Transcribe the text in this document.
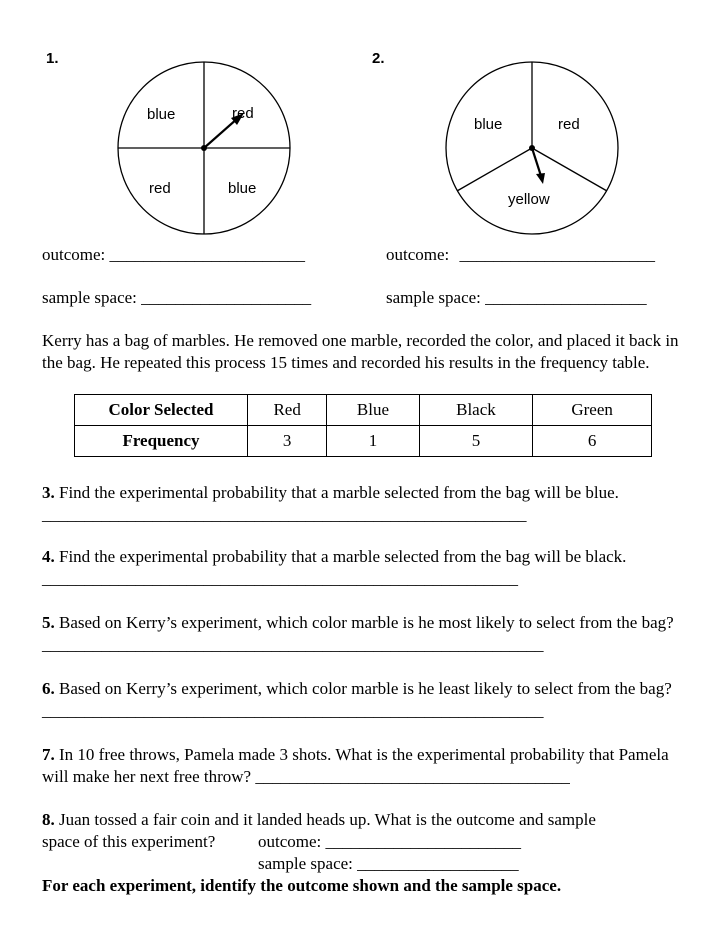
1.	2.
blue	red
red	blue
blue	red
yellow
outcome: _______________________	outcome: _______________________
sample space: ____________________	sample space: ___________________
Kerry has a bag of marbles. He removed one marble, recorded the color, and placed it back in the bag. He repeated this process 15 times and recorded his results in the frequency table.
Color Selected	Red	Blue	Black	Green
Frequency	3	1	5	6
3. Find the experimental probability that a marble selected from the bag will be blue. _________________________________________________________
4. Find the experimental probability that a marble selected from the bag will be black. ________________________________________________________
5. Based on Kerry’s experiment, which color marble is he most likely to select from the bag? ___________________________________________________________
6. Based on Kerry’s experiment, which color marble is he least likely to select from the bag? ___________________________________________________________
7. In 10 free throws, Pamela made 3 shots. What is the experimental probability that Pamela will make her next free throw? _____________________________________
8. Juan tossed a fair coin and it landed heads up. What is the outcome and sample
space of this experiment?	outcome: _______________________
sample space: ___________________
For each experiment, identify the outcome shown and the sample space.
